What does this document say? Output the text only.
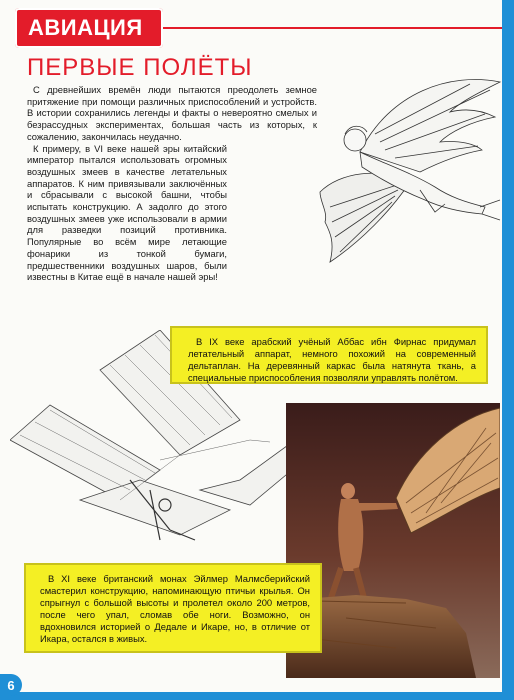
АВИАЦИЯ
ПЕРВЫЕ ПОЛЁТЫ

С древнейших времён люди пытаются преодолеть земное притяжение при помощи различных приспособлений и устройств. В истории сохранились легенды и факты о невероятно смелых и безрассудных экспериментах, большая часть из которых, к сожалению, закончилась неудачно.

К примеру, в VI веке нашей эры китайский император пытался использовать огромных воздушных змеев в качестве летательных аппаратов. К ним привязывали заключённых и сбрасывали с высокой башни, чтобы испытать конструкцию. А задолго до этого воздушных змеев уже использовали в армии для разведки позиций противника. Популярные во всём мире летающие фонарики из тонкой бумаги, предшественники воздушных шаров, были известны в Китае ещё в начале нашей эры!

В IX веке арабский учёный Аббас ибн Фирнас придумал летательный аппарат, немного похожий на современный дельтаплан. На деревянный каркас была натянута ткань, а специальные приспособления позволяли управлять полётом.

В XI веке британский монах Эйлмер Малмсберийский смастерил конструкцию, напоминающую птичьи крылья. Он спрыгнул с большой высоты и пролетел около 200 метров, после чего упал, сломав обе ноги. Возможно, он вдохновился историей о Дедале и Икаре, но, в отличие от Икара, остался в живых.

6
